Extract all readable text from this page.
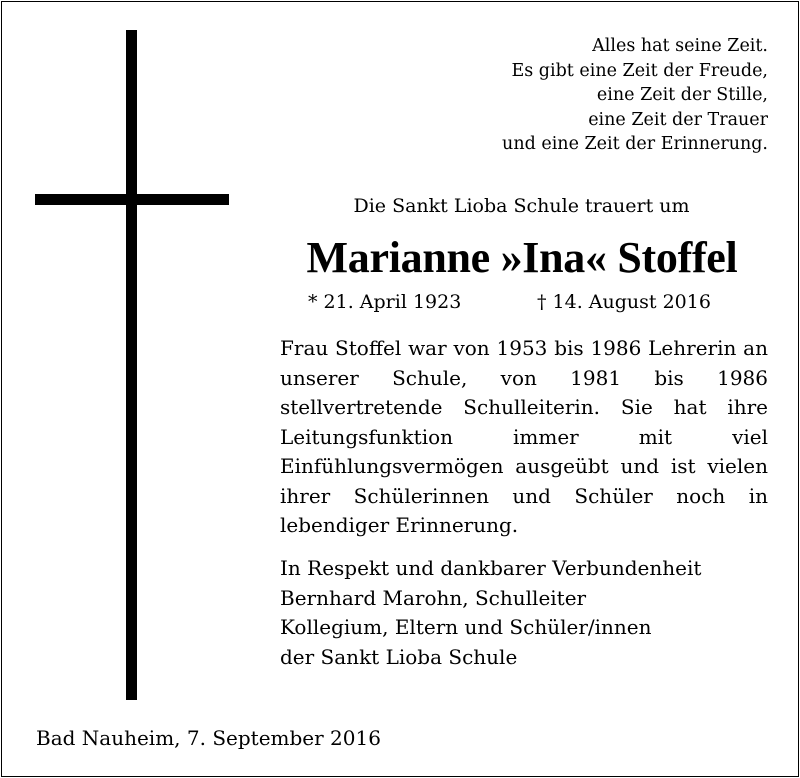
Alles hat seine Zeit.
Es gibt eine Zeit der Freude,
eine Zeit der Stille,
eine Zeit der Trauer
und eine Zeit der Erinnerung.
Die Sankt Lioba Schule trauert um
Marianne »Ina« Stoffel
* 21. April 1923	† 14. August 2016
Frau Stoffel war von 1953 bis 1986 Lehrerin an unserer Schule, von 1981 bis 1986 stellvertretende Schulleiterin. Sie hat ihre Leitungsfunktion immer mit viel Einfühlungsvermögen ausgeübt und ist vielen ihrer Schülerinnen und Schüler noch in lebendiger Erinnerung.
In Respekt und dankbarer Verbundenheit
Bernhard Marohn, Schulleiter
Kollegium, Eltern und Schüler/innen
der Sankt Lioba Schule
Bad Nauheim, 7. September 2016
